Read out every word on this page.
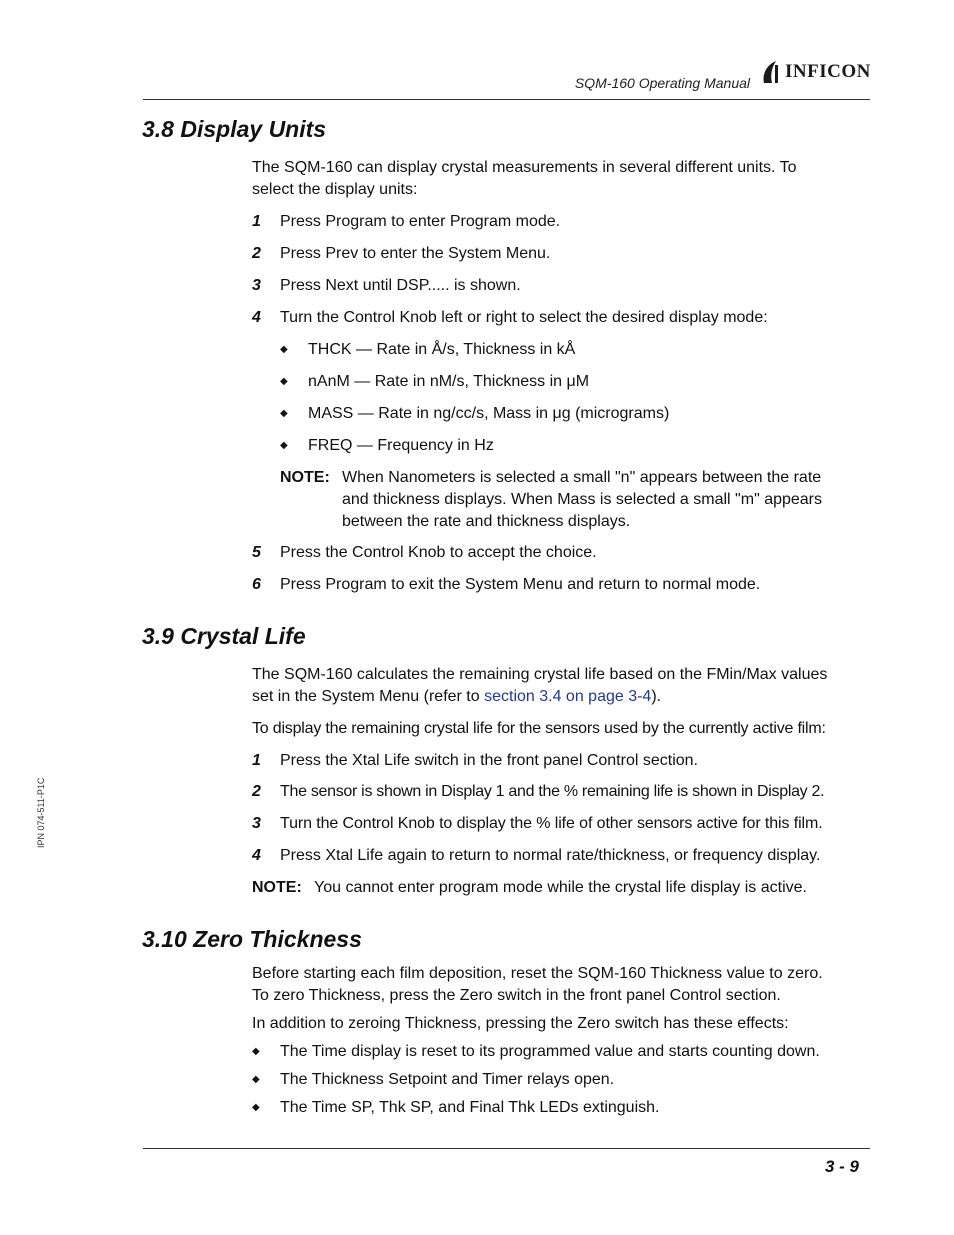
SQM-160 Operating Manual
INFICON
IPN 074-511-P1C
3.8 Display Units
The SQM-160 can display crystal measurements in several different units. To
select the display units:
1 Press Program to enter Program mode.
2 Press Prev to enter the System Menu.
3 Press Next until DSP..... is shown.
4 Turn the Control Knob left or right to select the desired display mode:
◆ THCK — Rate in Å/s, Thickness in kÅ
◆ nAnM — Rate in nM/s, Thickness in μM
◆ MASS — Rate in ng/cc/s, Mass in μg (micrograms)
◆ FREQ — Frequency in Hz
NOTE: When Nanometers is selected a small "n" appears between the rate
and thickness displays. When Mass is selected a small "m" appears
between the rate and thickness displays.
5 Press the Control Knob to accept the choice.
6 Press Program to exit the System Menu and return to normal mode.
3.9 Crystal Life
The SQM-160 calculates the remaining crystal life based on the FMin/Max values
set in the System Menu (refer to section 3.4 on page 3-4).
To display the remaining crystal life for the sensors used by the currently active film:
1 Press the Xtal Life switch in the front panel Control section.
2 The sensor is shown in Display 1 and the % remaining life is shown in Display 2.
3 Turn the Control Knob to display the % life of other sensors active for this film.
4 Press Xtal Life again to return to normal rate/thickness, or frequency display.
NOTE: You cannot enter program mode while the crystal life display is active.
3.10 Zero Thickness
Before starting each film deposition, reset the SQM-160 Thickness value to zero.
To zero Thickness, press the Zero switch in the front panel Control section.
In addition to zeroing Thickness, pressing the Zero switch has these effects:
◆ The Time display is reset to its programmed value and starts counting down.
◆ The Thickness Setpoint and Timer relays open.
◆ The Time SP, Thk SP, and Final Thk LEDs extinguish.
3 - 9
